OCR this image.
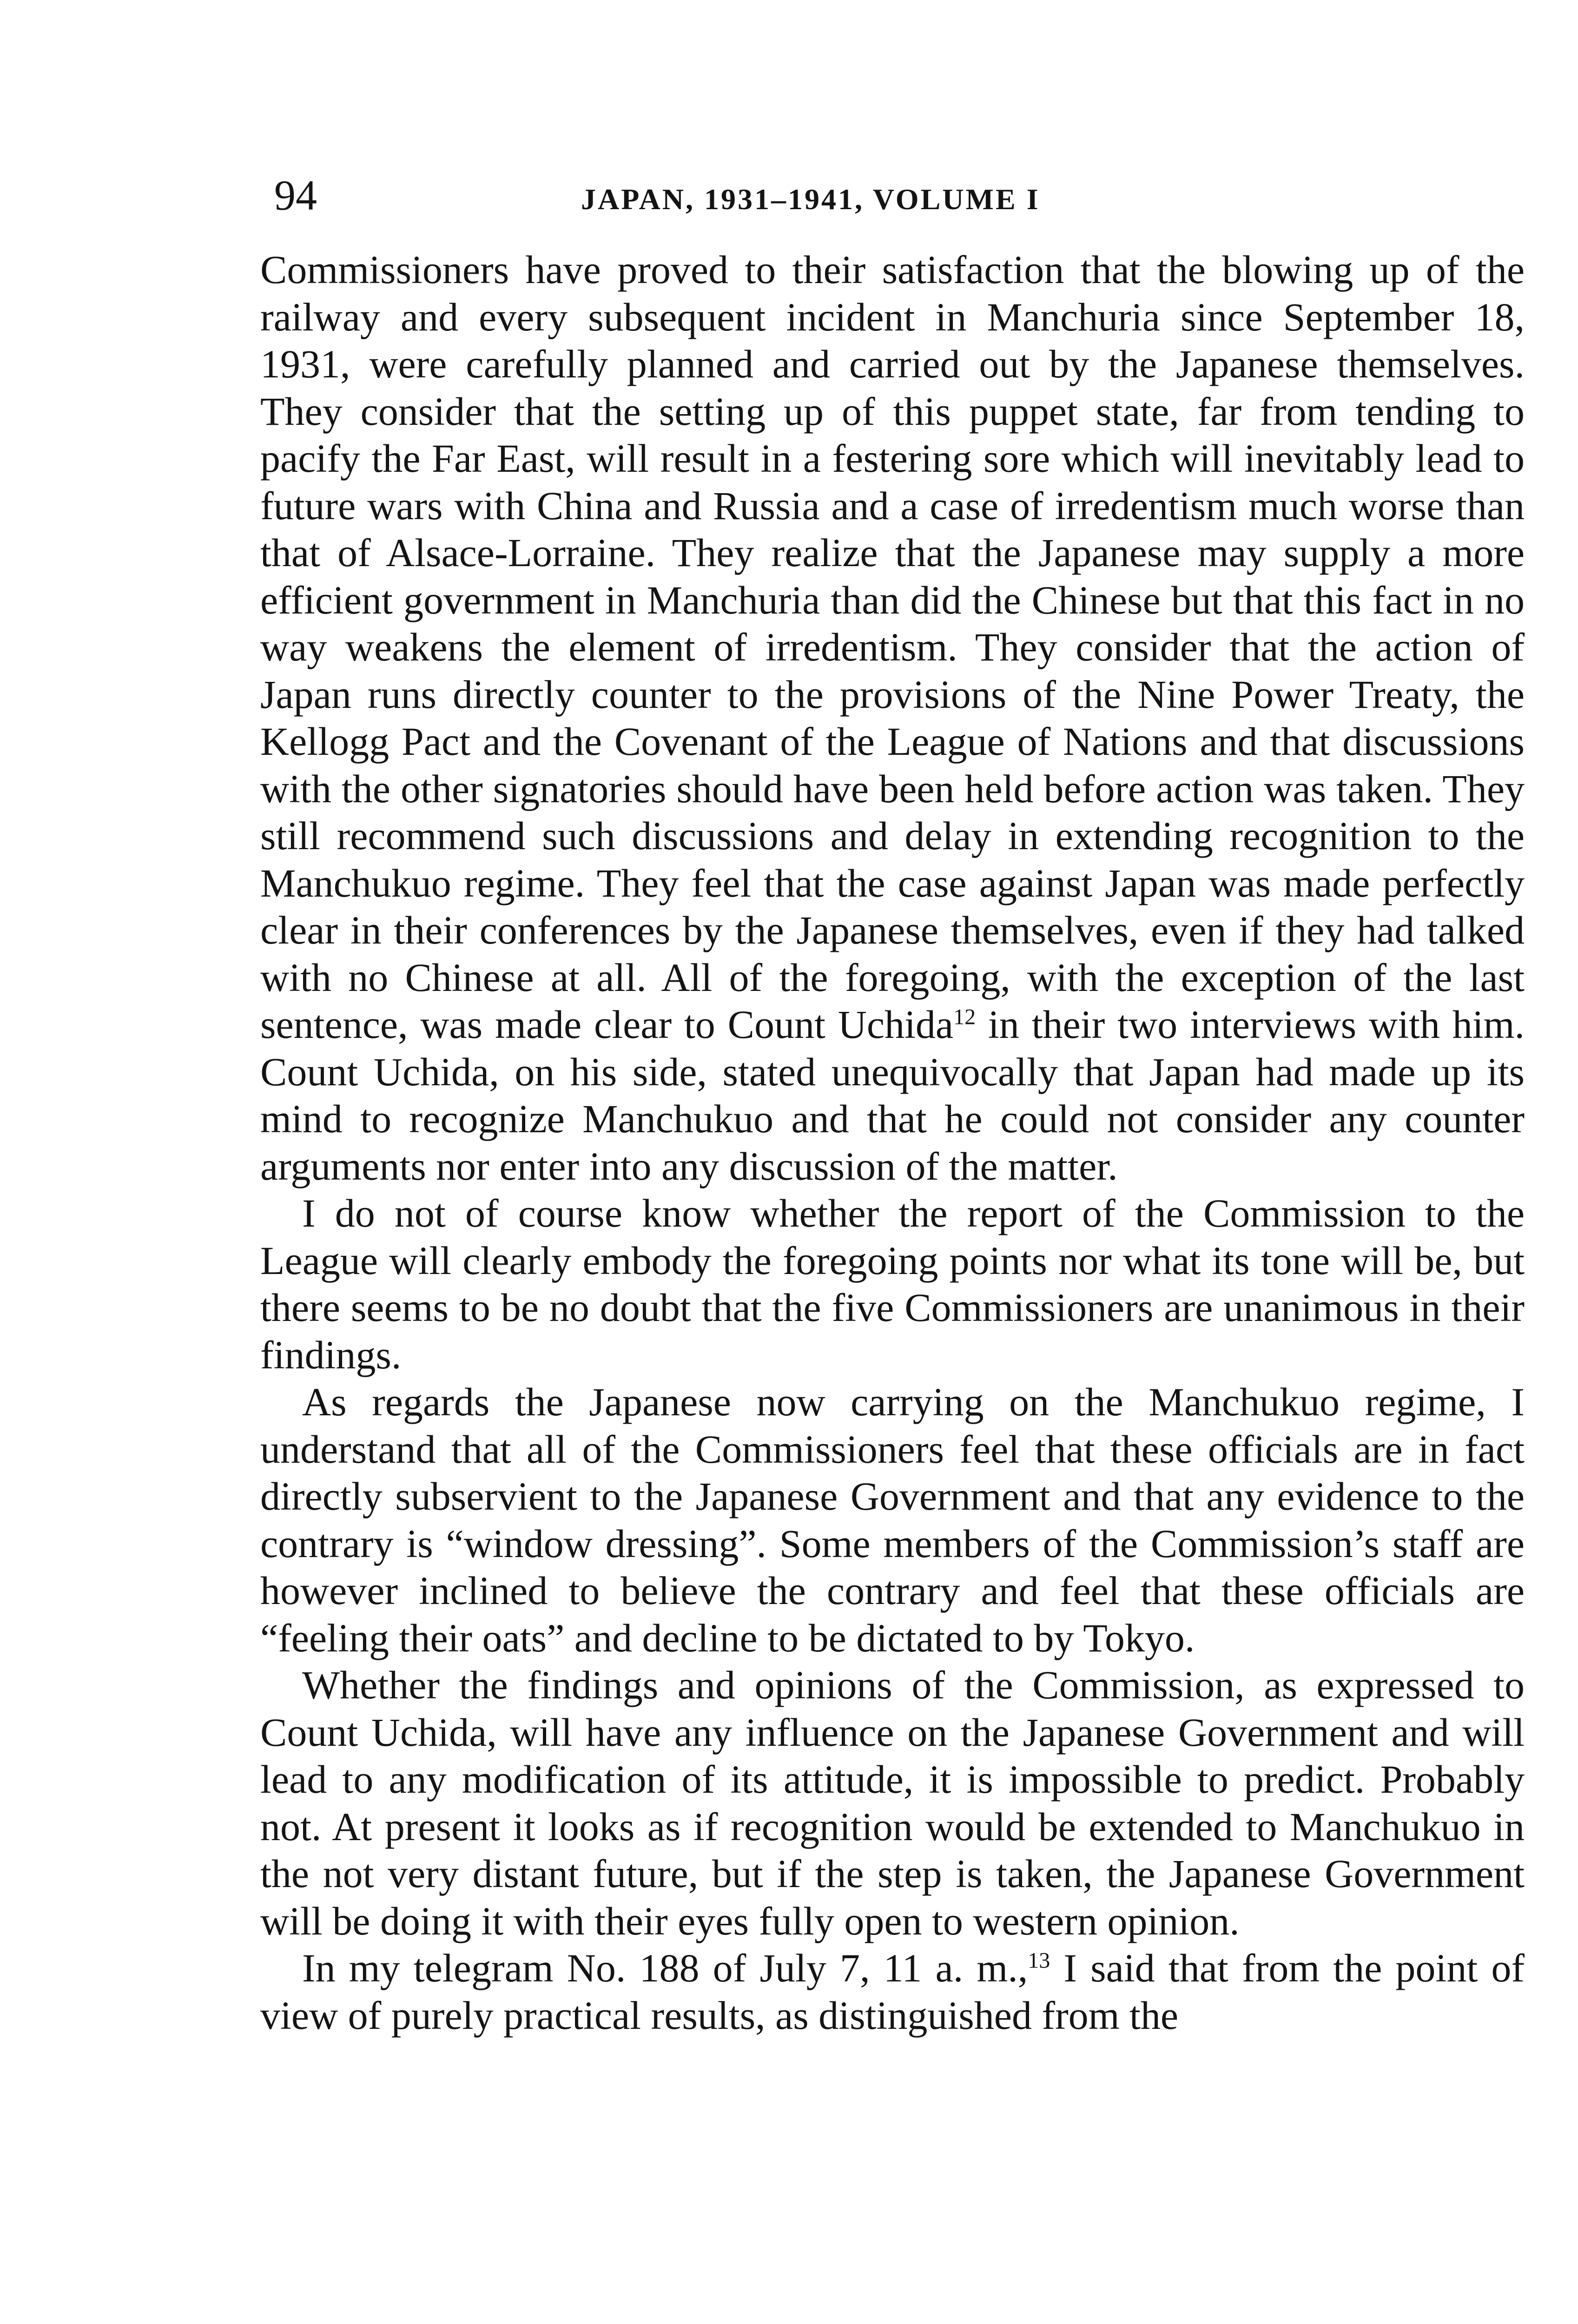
94	JAPAN, 1931–1941, VOLUME I

Commissioners have proved to their satisfaction that the blowing up of the railway and every subsequent incident in Manchuria since September 18, 1931, were carefully planned and carried out by the Japanese themselves. They consider that the setting up of this puppet state, far from tending to pacify the Far East, will result in a festering sore which will inevitably lead to future wars with China and Russia and a case of irredentism much worse than that of Alsace-Lorraine. They realize that the Japanese may supply a more efficient government in Manchuria than did the Chinese but that this fact in no way weakens the element of irredentism. They consider that the action of Japan runs directly counter to the provisions of the Nine Power Treaty, the Kellogg Pact and the Covenant of the League of Nations and that discussions with the other signatories should have been held before action was taken. They still recommend such discussions and delay in extending recognition to the Manchukuo regime. They feel that the case against Japan was made perfectly clear in their conferences by the Japanese themselves, even if they had talked with no Chinese at all. All of the foregoing, with the exception of the last sentence, was made clear to Count Uchida$^{12}$ in their two interviews with him. Count Uchida, on his side, stated unequivocally that Japan had made up its mind to recognize Manchukuo and that he could not consider any counter arguments nor enter into any discussion of the matter.

I do not of course know whether the report of the Commission to the League will clearly embody the foregoing points nor what its tone will be, but there seems to be no doubt that the five Commissioners are unanimous in their findings.

As regards the Japanese now carrying on the Manchukuo regime, I understand that all of the Commissioners feel that these officials are in fact directly subservient to the Japanese Government and that any evidence to the contrary is “window dressing”. Some members of the Commission’s staff are however inclined to believe the contrary and feel that these officials are “feeling their oats” and decline to be dictated to by Tokyo.

Whether the findings and opinions of the Commission, as expressed to Count Uchida, will have any influence on the Japanese Government and will lead to any modification of its attitude, it is impossible to predict. Probably not. At present it looks as if recognition would be extended to Manchukuo in the not very distant future, but if the step is taken, the Japanese Government will be doing it with their eyes fully open to western opinion.

In my telegram No. 188 of July 7, 11 a. m.,$^{13}$ I said that from the point of view of purely practical results, as distinguished from the
